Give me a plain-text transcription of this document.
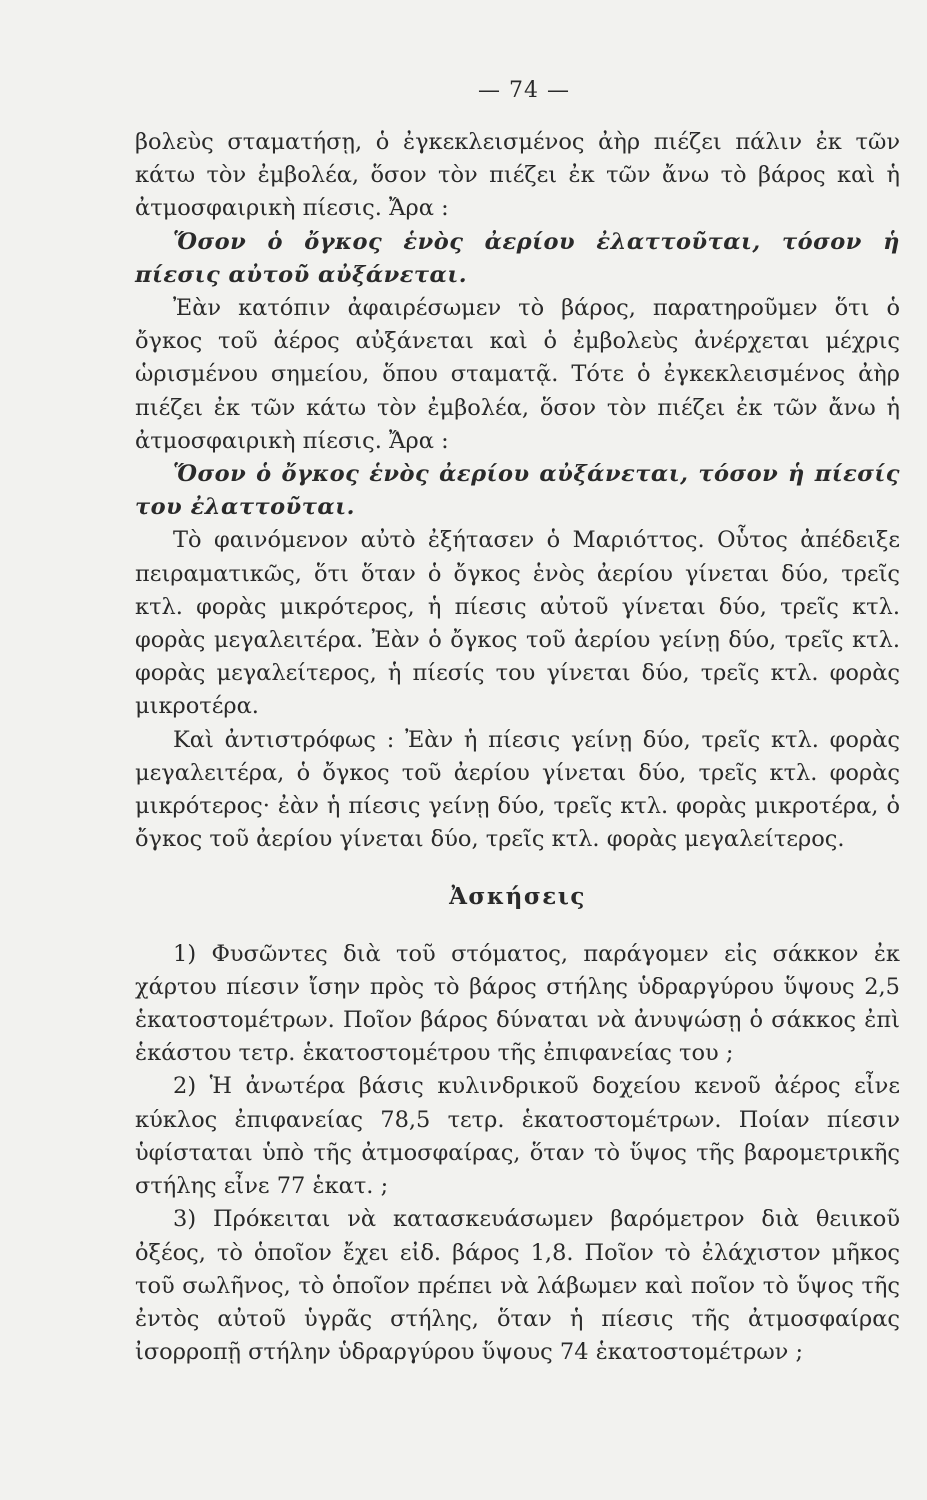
— 74 —

βολεὺς σταματήσῃ, ὁ ἐγκεκλεισμένος ἀὴρ πιέζει πάλιν ἐκ τῶν κάτω τὸν ἐμβολέα, ὅσον τὸν πιέζει ἐκ τῶν ἄνω τὸ βάρος καὶ ἡ ἀτμοσφαιρικὴ πίεσις. Ἄρα :

Ὅσον ὁ ὄγκος ἑνὸς ἀερίου ἐλαττοῦται, τόσον ἡ πίεσις αὐτοῦ αὐξάνεται.

Ἐὰν κατόπιν ἀφαιρέσωμεν τὸ βάρος, παρατηροῦμεν ὅτι ὁ ὄγκος τοῦ ἀέρος αὐξάνεται καὶ ὁ ἐμβολεὺς ἀνέρχεται μέχρις ὡρισμένου σημείου, ὅπου σταματᾷ. Τότε ὁ ἐγκεκλεισμένος ἀὴρ πιέζει ἐκ τῶν κάτω τὸν ἐμβολέα, ὅσον τὸν πιέζει ἐκ τῶν ἄνω ἡ ἀτμοσφαιρικὴ πίεσις. Ἄρα :

Ὅσον ὁ ὄγκος ἑνὸς ἀερίου αὐξάνεται, τόσον ἡ πίεσίς του ἐλαττοῦται.

Τὸ φαινόμενον αὐτὸ ἐξήτασεν ὁ Μαριόττος. Οὗτος ἀπέδειξε πειραματικῶς, ὅτι ὅταν ὁ ὄγκος ἑνὸς ἀερίου γίνεται δύο, τρεῖς κτλ. φορὰς μικρότερος, ἡ πίεσις αὐτοῦ γίνεται δύο, τρεῖς κτλ. φορὰς μεγαλειτέρα. Ἐὰν ὁ ὄγκος τοῦ ἀερίου γείνῃ δύο, τρεῖς κτλ. φορὰς μεγαλείτερος, ἡ πίεσίς του γίνεται δύο, τρεῖς κτλ. φορὰς μικροτέρα.

Καὶ ἀντιστρόφως : Ἐὰν ἡ πίεσις γείνῃ δύο, τρεῖς κτλ. φορὰς μεγαλειτέρα, ὁ ὄγκος τοῦ ἀερίου γίνεται δύο, τρεῖς κτλ. φορὰς μικρότερος· ἐὰν ἡ πίεσις γείνῃ δύο, τρεῖς κτλ. φορὰς μικροτέρα, ὁ ὄγκος τοῦ ἀερίου γίνεται δύο, τρεῖς κτλ. φορὰς μεγαλείτερος.

Ἀσκήσεις

1) Φυσῶντες διὰ τοῦ στόματος, παράγομεν εἰς σάκκον ἐκ χάρτου πίεσιν ἴσην πρὸς τὸ βάρος στήλης ὑδραργύρου ὕψους 2,5 ἑκατοστομέτρων. Ποῖον βάρος δύναται νὰ ἀνυψώσῃ ὁ σάκκος ἐπὶ ἑκάστου τετρ. ἑκατοστομέτρου τῆς ἐπιφανείας του ;

2) Ἡ ἀνωτέρα βάσις κυλινδρικοῦ δοχείου κενοῦ ἀέρος εἶνε κύκλος ἐπιφανείας 78,5 τετρ. ἑκατοστομέτρων. Ποίαν πίεσιν ὑφίσταται ὑπὸ τῆς ἀτμοσφαίρας, ὅταν τὸ ὕψος τῆς βαρομετρικῆς στήλης εἶνε 77 ἑκατ. ;

3) Πρόκειται νὰ κατασκευάσωμεν βαρόμετρον διὰ θειικοῦ ὀξέος, τὸ ὁποῖον ἔχει εἰδ. βάρος 1,8. Ποῖον τὸ ἐλάχιστον μῆκος τοῦ σωλῆνος, τὸ ὁποῖον πρέπει νὰ λάβωμεν καὶ ποῖον τὸ ὕψος τῆς ἐντὸς αὐτοῦ ὑγρᾶς στήλης, ὅταν ἡ πίεσις τῆς ἀτμοσφαίρας ἰσορροπῇ στήλην ὑδραργύρου ὕψους 74 ἑκατοστομέτρων ;
